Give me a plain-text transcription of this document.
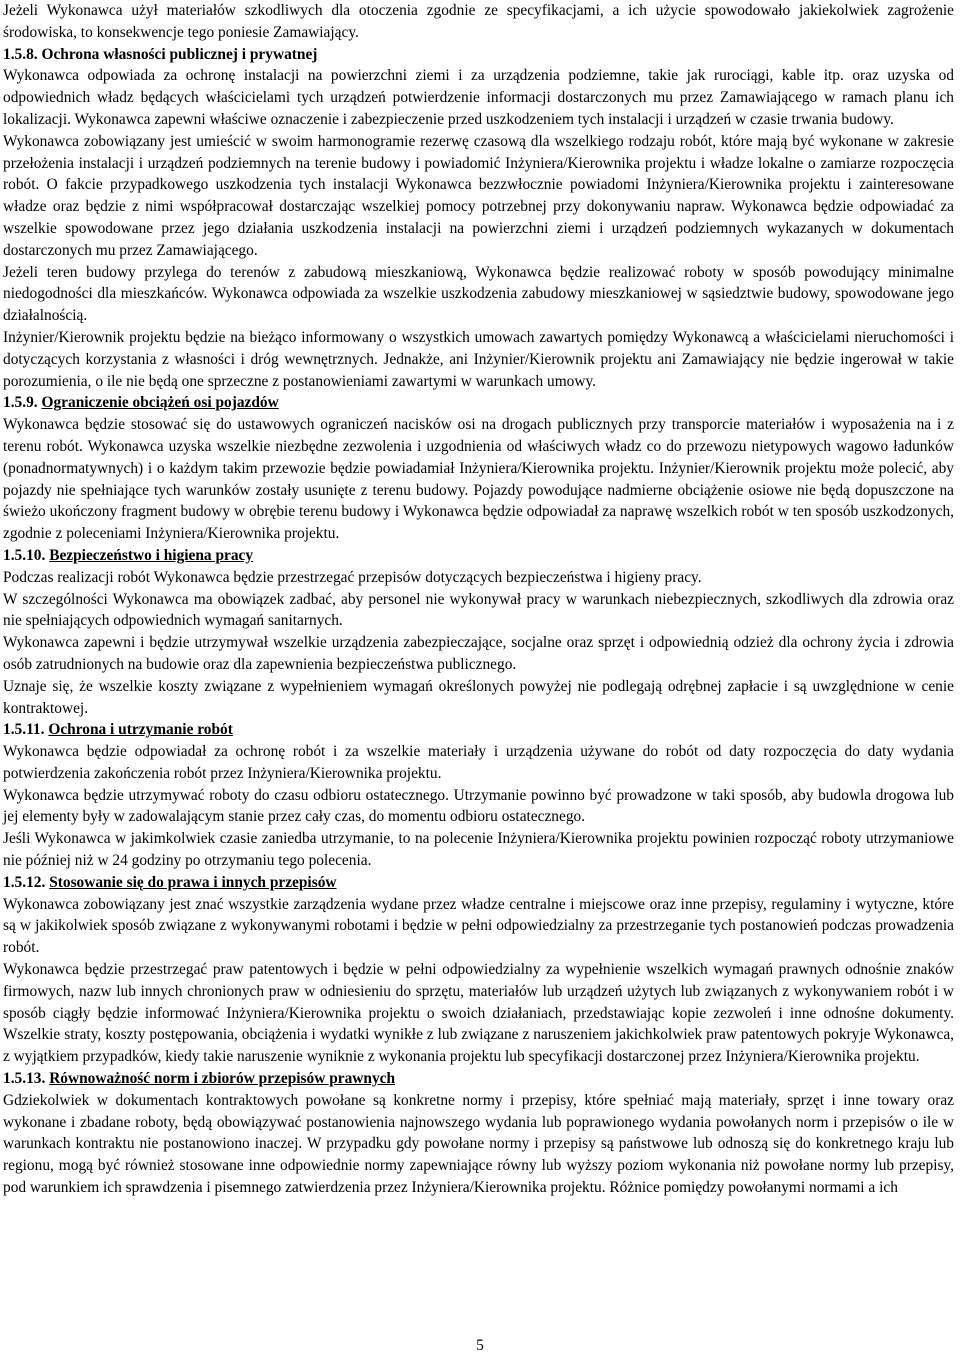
Jeżeli Wykonawca użył materiałów szkodliwych dla otoczenia zgodnie ze specyfikacjami, a ich użycie spowodowało jakiekolwiek zagrożenie środowiska, to konsekwencje tego poniesie Zamawiający.

1.5.8. Ochrona własności publicznej i prywatnej

Wykonawca odpowiada za ochronę instalacji na powierzchni ziemi i za urządzenia podziemne, takie jak rurociągi, kable itp. oraz uzyska od odpowiednich władz będących właścicielami tych urządzeń potwierdzenie informacji dostarczonych mu przez Zamawiającego w ramach planu ich lokalizacji. Wykonawca zapewni właściwe oznaczenie i zabezpieczenie przed uszkodzeniem tych instalacji i urządzeń w czasie trwania budowy.

Wykonawca zobowiązany jest umieścić w swoim harmonogramie rezerwę czasową dla wszelkiego rodzaju robót, które mają być wykonane w zakresie przełożenia instalacji i urządzeń podziemnych na terenie budowy i powiadomić Inżyniera/Kierownika projektu i władze lokalne o zamiarze rozpoczęcia robót. O fakcie przypadkowego uszkodzenia tych instalacji Wykonawca bezzwłocznie powiadomi Inżyniera/Kierownika projektu i zainteresowane władze oraz będzie z nimi współpracował dostarczając wszelkiej pomocy potrzebnej przy dokonywaniu napraw. Wykonawca będzie odpowiadać za wszelkie spowodowane przez jego działania uszkodzenia instalacji na powierzchni ziemi i urządzeń podziemnych wykazanych w dokumentach dostarczonych mu przez Zamawiającego.

Jeżeli teren budowy przylega do terenów z zabudową mieszkaniową, Wykonawca będzie realizować roboty w sposób powodujący minimalne niedogodności dla mieszkańców. Wykonawca odpowiada za wszelkie uszkodzenia zabudowy mieszkaniowej w sąsiedztwie budowy, spowodowane jego działalnością.

Inżynier/Kierownik projektu będzie na bieżąco informowany o wszystkich umowach zawartych pomiędzy Wykonawcą a właścicielami nieruchomości i dotyczących korzystania z własności i dróg wewnętrznych. Jednakże, ani Inżynier/Kierownik projektu ani Zamawiający nie będzie ingerował w takie porozumienia, o ile nie będą one sprzeczne z postanowieniami zawartymi w warunkach umowy.

1.5.9. Ograniczenie obciążeń osi pojazdów

Wykonawca będzie stosować się do ustawowych ograniczeń nacisków osi na drogach publicznych przy transporcie materiałów i wyposażenia na i z terenu robót. Wykonawca uzyska wszelkie niezbędne zezwolenia i uzgodnienia od właściwych władz co do przewozu nietypowych wagowo ładunków (ponadnormatywnych) i o każdym takim przewozie będzie powiadamiał Inżyniera/Kierownika projektu. Inżynier/Kierownik projektu może polecić, aby pojazdy nie spełniające tych warunków zostały usunięte z terenu budowy. Pojazdy powodujące nadmierne obciążenie osiowe nie będą dopuszczone na świeżo ukończony fragment budowy w obrębie terenu budowy i Wykonawca będzie odpowiadał za naprawę wszelkich robót w ten sposób uszkodzonych, zgodnie z poleceniami Inżyniera/Kierownika projektu.

1.5.10. Bezpieczeństwo i higiena pracy

Podczas realizacji robót Wykonawca będzie przestrzegać przepisów dotyczących bezpieczeństwa i higieny pracy.

W szczególności Wykonawca ma obowiązek zadbać, aby personel nie wykonywał pracy w warunkach niebezpiecznych, szkodliwych dla zdrowia oraz nie spełniających odpowiednich wymagań sanitarnych.

Wykonawca zapewni i będzie utrzymywał wszelkie urządzenia zabezpieczające, socjalne oraz sprzęt i odpowiednią odzież dla ochrony życia i zdrowia osób zatrudnionych na budowie oraz dla zapewnienia bezpieczeństwa publicznego.

Uznaje się, że wszelkie koszty związane z wypełnieniem wymagań określonych powyżej nie podlegają odrębnej zapłacie i są uwzględnione w cenie kontraktowej.

1.5.11. Ochrona i utrzymanie robót

Wykonawca będzie odpowiadał za ochronę robót i za wszelkie materiały i urządzenia używane do robót od daty rozpoczęcia do daty wydania potwierdzenia zakończenia robót przez Inżyniera/Kierownika projektu.

Wykonawca będzie utrzymywać roboty do czasu odbioru ostatecznego. Utrzymanie powinno być prowadzone w taki sposób, aby budowla drogowa lub jej elementy były w zadowalającym stanie przez cały czas, do momentu odbioru ostatecznego.

Jeśli Wykonawca w jakimkolwiek czasie zaniedba utrzymanie, to na polecenie Inżyniera/Kierownika projektu powinien rozpocząć roboty utrzymaniowe nie później niż w 24 godziny po otrzymaniu tego polecenia.

1.5.12. Stosowanie się do prawa i innych przepisów

Wykonawca zobowiązany jest znać wszystkie zarządzenia wydane przez władze centralne i miejscowe oraz inne przepisy, regulaminy i wytyczne, które są w jakikolwiek sposób związane z wykonywanymi robotami i będzie w pełni odpowiedzialny za przestrzeganie tych postanowień podczas prowadzenia robót.

Wykonawca będzie przestrzegać praw patentowych i będzie w pełni odpowiedzialny za wypełnienie wszelkich wymagań prawnych odnośnie znaków firmowych, nazw lub innych chronionych praw w odniesieniu do sprzętu, materiałów lub urządzeń użytych lub związanych z wykonywaniem robót i w sposób ciągły będzie informować Inżyniera/Kierownika projektu o swoich działaniach, przedstawiając kopie zezwoleń i inne odnośne dokumenty. Wszelkie straty, koszty postępowania, obciążenia i wydatki wynikłe z lub związane z naruszeniem jakichkolwiek praw patentowych pokryje Wykonawca, z wyjątkiem przypadków, kiedy takie naruszenie wyniknie z wykonania projektu lub specyfikacji dostarczonej przez Inżyniera/Kierownika projektu.

1.5.13. Równoważność norm i zbiorów przepisów prawnych

Gdziekolwiek w dokumentach kontraktowych powołane są konkretne normy i przepisy, które spełniać mają materiały, sprzęt i inne towary oraz wykonane i zbadane roboty, będą obowiązywać postanowienia najnowszego wydania lub poprawionego wydania powołanych norm i przepisów o ile w warunkach kontraktu nie postanowiono inaczej. W przypadku gdy powołane normy i przepisy są państwowe lub odnoszą się do konkretnego kraju lub regionu, mogą być również stosowane inne odpowiednie normy zapewniające równy lub wyższy poziom wykonania niż powołane normy lub przepisy, pod warunkiem ich sprawdzenia i pisemnego zatwierdzenia przez Inżyniera/Kierownika projektu. Różnice pomiędzy powołanymi normami a ich

5
